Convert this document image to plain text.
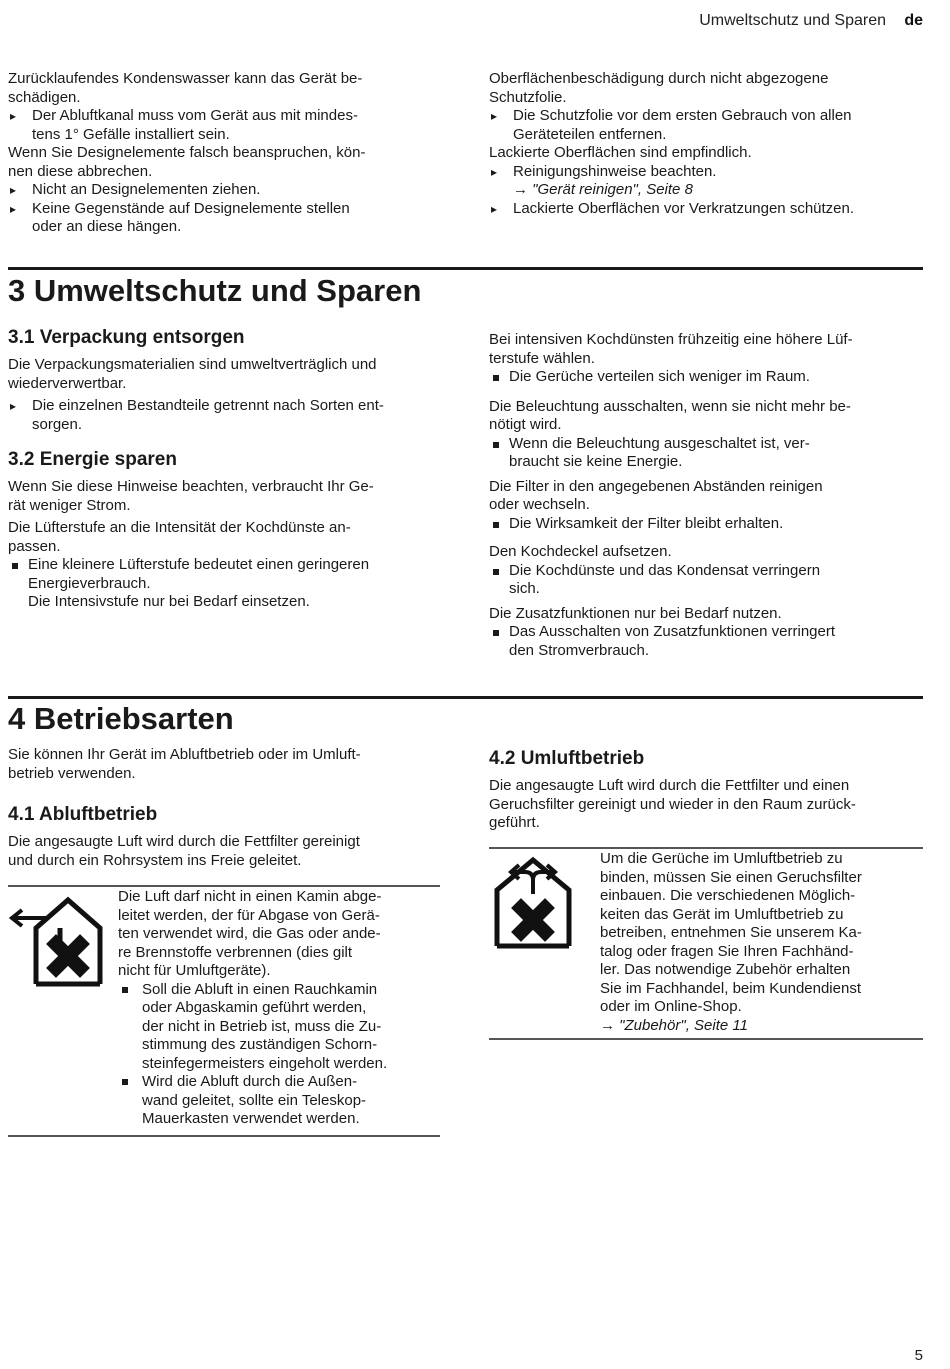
Umweltschutz und Sparen de

Zurücklaufendes Kondenswasser kann das Gerät be-

schädigen.

▸ Der Abluftkanal muss vom Gerät aus mit mindes-

tens 1° Gefälle installiert sein.

Wenn Sie Designelemente falsch beanspruchen, kön-

nen diese abbrechen.

▸ Nicht an Designelementen ziehen.

▸ Keine Gegenstände auf Designelemente stellen

oder an diese hängen.

Oberflächenbeschädigung durch nicht abgezogene

Schutzfolie.

▸ Die Schutzfolie vor dem ersten Gebrauch von allen

Geräteteilen entfernen.

Lackierte Oberflächen sind empfindlich.

▸ Reinigungshinweise beachten.

→ "Gerät reinigen", Seite 8

▸ Lackierte Oberflächen vor Verkratzungen schützen.

3 Umweltschutz und Sparen
3.1 Verpackung entsorgen

Die Verpackungsmaterialien sind umweltverträglich und

wiederverwertbar.

▸ Die einzelnen Bestandteile getrennt nach Sorten ent-

sorgen.

3.2 Energie sparen

Wenn Sie diese Hinweise beachten, verbraucht Ihr Ge-

rät weniger Strom.

Die Lüfterstufe an die Intensität der Kochdünste an-

passen.

Eine kleinere Lüfterstufe bedeutet einen geringeren

Energieverbrauch.

Die Intensivstufe nur bei Bedarf einsetzen.

Bei intensiven Kochdünsten frühzeitig eine höhere Lüf-

terstufe wählen.

Die Gerüche verteilen sich weniger im Raum.

Die Beleuchtung ausschalten, wenn sie nicht mehr be-

nötigt wird.

Wenn die Beleuchtung ausgeschaltet ist, ver-

braucht sie keine Energie.

Die Filter in den angegebenen Abständen reinigen

oder wechseln.

Die Wirksamkeit der Filter bleibt erhalten.

Den Kochdeckel aufsetzen.

Die Kochdünste und das Kondensat verringern

sich.

Die Zusatzfunktionen nur bei Bedarf nutzen.

Das Ausschalten von Zusatzfunktionen verringert

den Stromverbrauch.

4 Betriebsarten

Sie können Ihr Gerät im Abluftbetrieb oder im Umluft-

betrieb verwenden.

4.1 Abluftbetrieb

Die angesaugte Luft wird durch die Fettfilter gereinigt

und durch ein Rohrsystem ins Freie geleitet.

Die Luft darf nicht in einen Kamin abge-

leitet werden, der für Abgase von Gerä-

ten verwendet wird, die Gas oder ande-

re Brennstoffe verbrennen (dies gilt

nicht für Umluftgeräte).

Soll die Abluft in einen Rauchkamin

oder Abgaskamin geführt werden,

der nicht in Betrieb ist, muss die Zu-

stimmung des zuständigen Schorn-

steinfegermeisters eingeholt werden.

Wird die Abluft durch die Außen-

wand geleitet, sollte ein Teleskop-

Mauerkasten verwendet werden.

4.2 Umluftbetrieb

Die angesaugte Luft wird durch die Fettfilter und einen

Geruchsfilter gereinigt und wieder in den Raum zurück-

geführt.

Um die Gerüche im Umluftbetrieb zu

binden, müssen Sie einen Geruchsfilter

einbauen. Die verschiedenen Möglich-

keiten das Gerät im Umluftbetrieb zu

betreiben, entnehmen Sie unserem Ka-

talog oder fragen Sie Ihren Fachhänd-

ler. Das notwendige Zubehör erhalten

Sie im Fachhandel, beim Kundendienst

oder im Online-Shop.

→ "Zubehör", Seite 11

5
